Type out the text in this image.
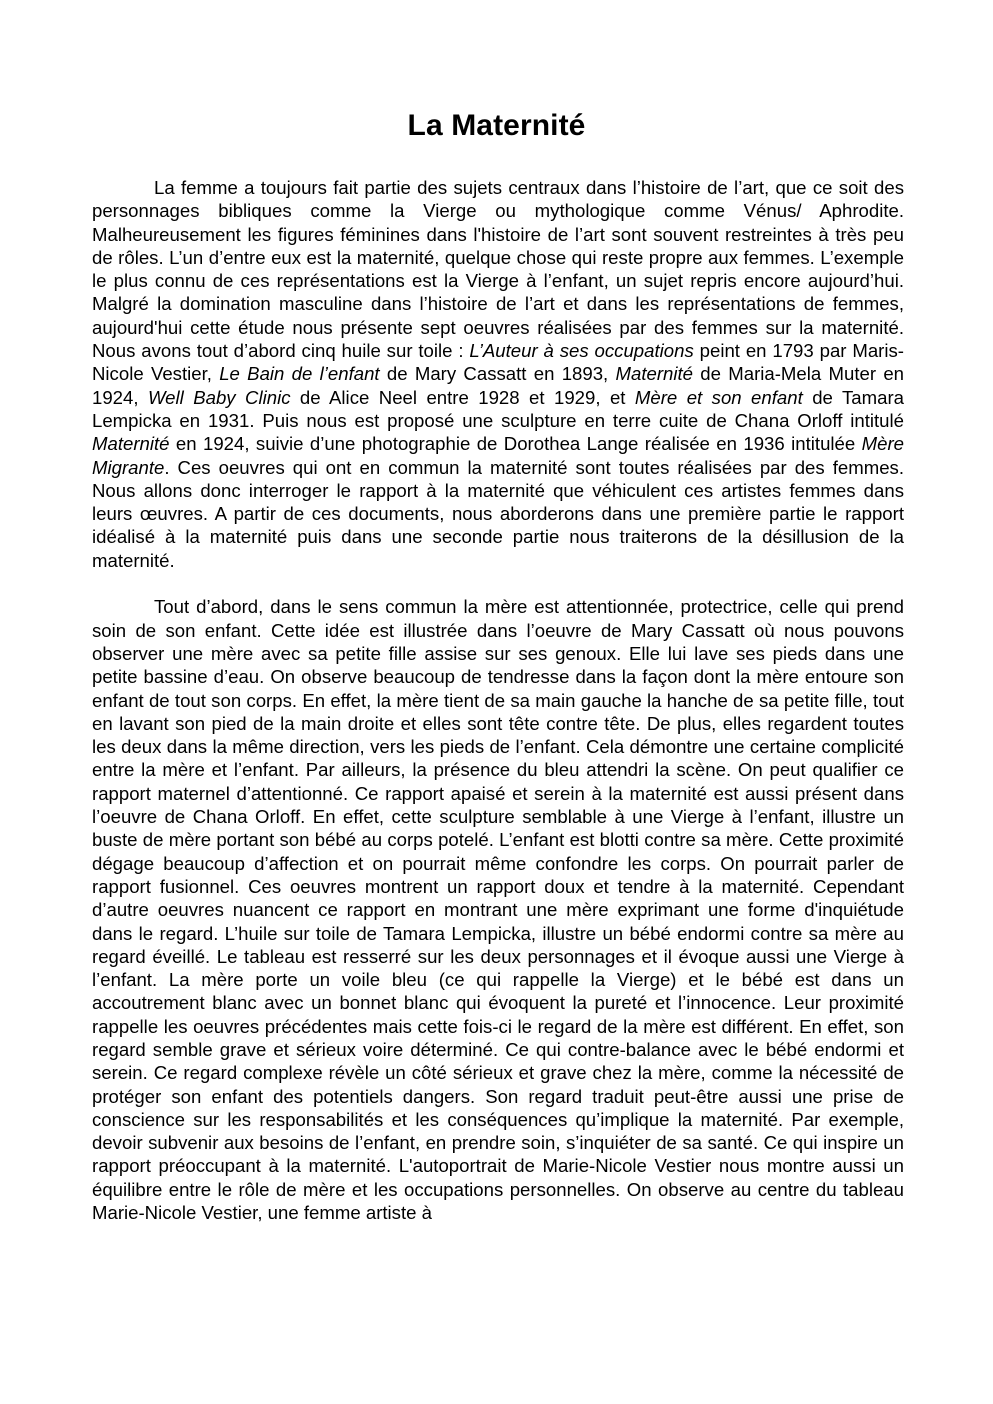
La Maternité

La femme a toujours fait partie des sujets centraux dans l’histoire de l’art, que ce soit des personnages bibliques comme la Vierge ou mythologique comme Vénus/ Aphrodite. Malheureusement les figures féminines dans l'histoire de l’art sont souvent restreintes à très peu de rôles. L’un d’entre eux est la maternité, quelque chose qui reste propre aux femmes. L’exemple le plus connu de ces représentations est la Vierge à l’enfant, un sujet repris encore aujourd’hui. Malgré la domination masculine dans l’histoire de l’art et dans les représentations de femmes, aujourd'hui cette étude nous présente sept oeuvres réalisées par des femmes sur la maternité. Nous avons tout d’abord cinq huile sur toile : L’Auteur à ses occupations peint en 1793 par Maris-Nicole Vestier, Le Bain de l’enfant de Mary Cassatt en 1893, Maternité de Maria-Mela Muter en 1924, Well Baby Clinic de Alice Neel entre 1928 et 1929, et Mère et son enfant de Tamara Lempicka en 1931. Puis nous est proposé une sculpture en terre cuite de Chana Orloff intitulé Maternité en 1924, suivie d’une photographie de Dorothea Lange réalisée en 1936 intitulée Mère Migrante. Ces oeuvres qui ont en commun la maternité sont toutes réalisées par des femmes. Nous allons donc interroger le rapport à la maternité que véhiculent ces artistes femmes dans leurs œuvres. A partir de ces documents, nous aborderons dans une première partie le rapport idéalisé à la maternité puis dans une seconde partie nous traiterons de la désillusion de la maternité.

Tout d’abord, dans le sens commun la mère est attentionnée, protectrice, celle qui prend soin de son enfant. Cette idée est illustrée dans l’oeuvre de Mary Cassatt où nous pouvons observer une mère avec sa petite fille assise sur ses genoux. Elle lui lave ses pieds dans une petite bassine d’eau. On observe beaucoup de tendresse dans la façon dont la mère entoure son enfant de tout son corps. En effet, la mère tient de sa main gauche la hanche de sa petite fille, tout en lavant son pied de la main droite et elles sont tête contre tête. De plus, elles regardent toutes les deux dans la même direction, vers les pieds de l’enfant. Cela démontre une certaine complicité entre la mère et l’enfant. Par ailleurs, la présence du bleu attendri la scène. On peut qualifier ce rapport maternel d’attentionné. Ce rapport apaisé et serein à la maternité est aussi présent dans l’oeuvre de Chana Orloff. En effet, cette sculpture semblable à une Vierge à l’enfant, illustre un buste de mère portant son bébé au corps potelé. L’enfant est blotti contre sa mère. Cette proximité dégage beaucoup d’affection et on pourrait même confondre les corps. On pourrait parler de rapport fusionnel. Ces oeuvres montrent un rapport doux et tendre à la maternité. Cependant d’autre oeuvres nuancent ce rapport en montrant une mère exprimant une forme d'inquiétude dans le regard. L’huile sur toile de Tamara Lempicka, illustre un bébé endormi contre sa mère au regard éveillé. Le tableau est resserré sur les deux personnages et il évoque aussi une Vierge à l’enfant. La mère porte un voile bleu (ce qui rappelle la Vierge) et le bébé est dans un accoutrement blanc avec un bonnet blanc qui évoquent la pureté et l’innocence. Leur proximité rappelle les oeuvres précédentes mais cette fois-ci le regard de la mère est différent. En effet, son regard semble grave et sérieux voire déterminé. Ce qui contre-balance avec le bébé endormi et serein. Ce regard complexe révèle un côté sérieux et grave chez la mère, comme la nécessité de protéger son enfant des potentiels dangers. Son regard traduit peut-être aussi une prise de conscience sur les responsabilités et les conséquences qu’implique la maternité. Par exemple, devoir subvenir aux besoins de l’enfant, en prendre soin, s’inquiéter de sa santé. Ce qui inspire un rapport préoccupant à la maternité. L'autoportrait de Marie-Nicole Vestier nous montre aussi un équilibre entre le rôle de mère et les occupations personnelles. On observe au centre du tableau Marie-Nicole Vestier, une femme artiste à
